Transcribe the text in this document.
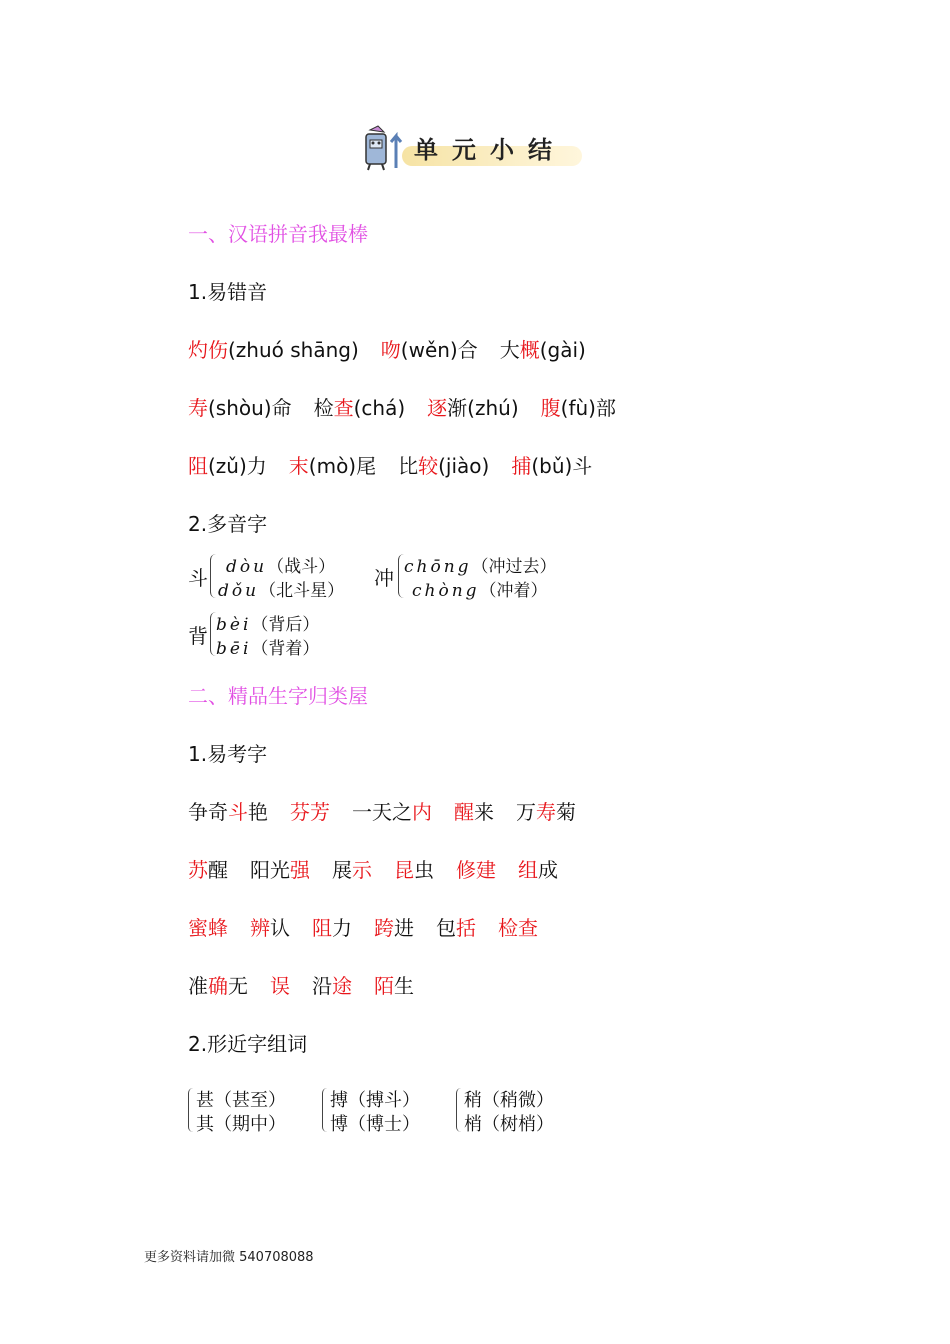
单元小结
一、汉语拼音我最棒
1.易错音
灼伤(zhuó shāng) 吻(wěn)合 大概(gài)
寿(shòu)命 检查(chá) 逐渐(zhú) 腹(fù)部
阻(zǔ)力 末(mò)尾 比较(jiào) 捕(bǔ)斗
2.多音字
斗 dòu（战斗）
dǒu（北斗星）
冲 chōng（冲过去）
chòng（冲着）
背 bèi（背后）
bēi（背着）
二、精品生字归类屋
1.易考字
争奇斗艳 芬芳 一天之内 醒来 万寿菊
苏醒 阳光强 展示 昆虫 修建 组成
蜜蜂 辨认 阻力 跨进 包括 检查
准确无 误 沿途 陌生
2.形近字组词
甚（甚至）
其（期中）
搏（搏斗）
博（博士）
稍（稍微）
梢（树梢）
更多资料请加微 540708088
